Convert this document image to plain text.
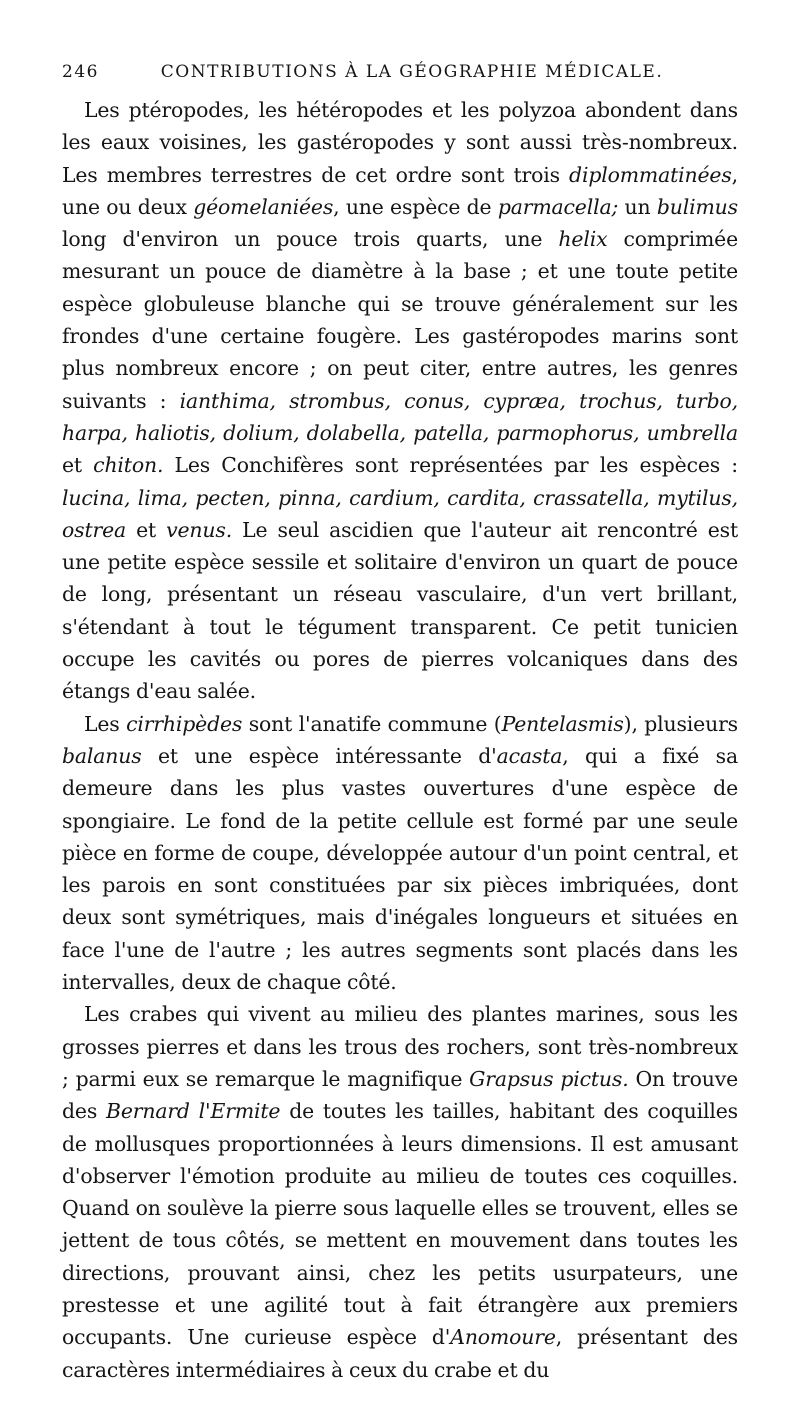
246	CONTRIBUTIONS À LA GÉOGRAPHIE MÉDICALE.

Les ptéropodes, les hétéropodes et les polyzoa abondent dans les eaux voisines, les gastéropodes y sont aussi très-nombreux. Les membres terrestres de cet ordre sont trois diplommatinées, une ou deux géomelaniées, une espèce de parmacella; un bulimus long d'environ un pouce trois quarts, une helix comprimée mesurant un pouce de diamètre à la base ; et une toute petite espèce globuleuse blanche qui se trouve généralement sur les frondes d'une certaine fougère. Les gastéropodes marins sont plus nombreux encore ; on peut citer, entre autres, les genres suivants : ianthima, strombus, conus, cypræa, trochus, turbo, harpa, haliotis, dolium, dolabella, patella, parmophorus, umbrella et chiton. Les Conchifères sont représentées par les espèces : lucina, lima, pecten, pinna, cardium, cardita, crassatella, mytilus, ostrea et venus. Le seul ascidien que l'auteur ait rencontré est une petite espèce sessile et solitaire d'environ un quart de pouce de long, présentant un réseau vasculaire, d'un vert brillant, s'étendant à tout le tégument transparent. Ce petit tunicien occupe les cavités ou pores de pierres volcaniques dans des étangs d'eau salée.

Les cirrhipèdes sont l'anatife commune (Pentelasmis), plusieurs balanus et une espèce intéressante d'acasta, qui a fixé sa demeure dans les plus vastes ouvertures d'une espèce de spongiaire. Le fond de la petite cellule est formé par une seule pièce en forme de coupe, développée autour d'un point central, et les parois en sont constituées par six pièces imbriquées, dont deux sont symétriques, mais d'inégales longueurs et situées en face l'une de l'autre ; les autres segments sont placés dans les intervalles, deux de chaque côté.

Les crabes qui vivent au milieu des plantes marines, sous les grosses pierres et dans les trous des rochers, sont très-nombreux ; parmi eux se remarque le magnifique Grapsus pictus. On trouve des Bernard l'Ermite de toutes les tailles, habitant des coquilles de mollusques proportionnées à leurs dimensions. Il est amusant d'observer l'émotion produite au milieu de toutes ces coquilles. Quand on soulève la pierre sous laquelle elles se trouvent, elles se jettent de tous côtés, se mettent en mouvement dans toutes les directions, prouvant ainsi, chez les petits usurpateurs, une prestesse et une agilité tout à fait étrangère aux premiers occupants. Une curieuse espèce d'Anomoure, présentant des caractères intermédiaires à ceux du crabe et du
